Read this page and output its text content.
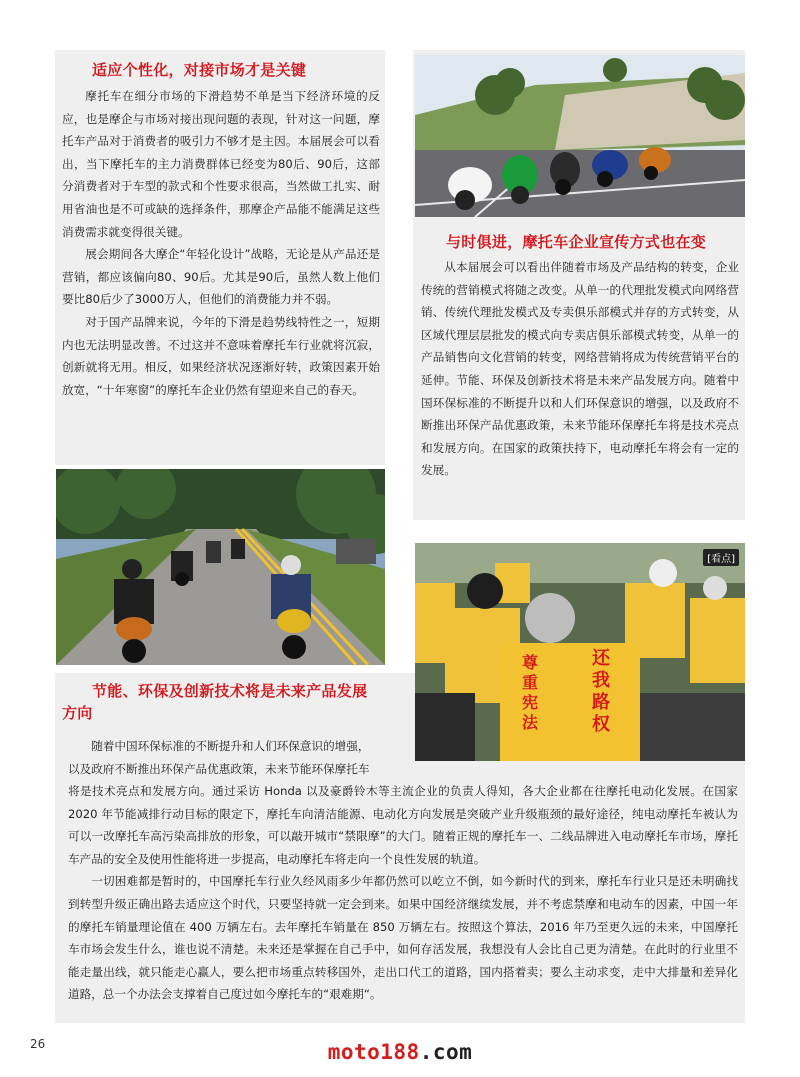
适应个性化，对接市场才是关键

摩托车在细分市场的下滑趋势不单是当下经济环境的反应，也是摩企与市场对接出现问题的表现，针对这一问题，摩托车产品对于消费者的吸引力不够才是主因。本届展会可以看出，当下摩托车的主力消费群体已经变为80后、90后，这部分消费者对于车型的款式和个性要求很高，当然做工扎实、耐用省油也是不可或缺的选择条件，那摩企产品能不能满足这些消费需求就变得很关键。

展会期间各大摩企“年轻化设计”战略，无论是从产品还是营销，都应该偏向80、90后。尤其是90后，虽然人数上他们要比80后少了3000万人，但他们的消费能力并不弱。

对于国产品牌来说，今年的下滑是趋势线特性之一，短期内也无法明显改善。不过这并不意味着摩托车行业就将沉寂，创新就将无用。相反，如果经济状况逐渐好转，政策因素开始放宽，“十年寒窗”的摩托车企业仍然有望迎来自己的春天。

与时俱进，摩托车企业宣传方式也在变

从本届展会可以看出伴随着市场及产品结构的转变，企业传统的营销模式将随之改变。从单一的代理批发模式向网络营销、传统代理批发模式及专卖俱乐部模式并存的方式转变，从区域代理层层批发的模式向专卖店俱乐部模式转变，从单一的产品销售向文化营销的转变，网络营销将成为传统营销平台的延伸。节能、环保及创新技术将是未来产品发展方向。随着中国环保标准的不断提升以和人们环保意识的增强，以及政府不断推出环保产品优惠政策，未来节能环保摩托车将是技术亮点和发展方向。在国家的政策扶持下，电动摩托车将会有一定的发展。

[看点]
尊
重
宪
法
还
我
路
权
节能、环保及创新技术将是未来产品发展
方向
随着中国环保标准的不断提升和人们环保意识的增强，
以及政府不断推出环保产品优惠政策，未来节能环保摩托车

将是技术亮点和发展方向。通过采访 Honda 以及豪爵铃木等主流企业的负责人得知，各大企业都在往摩托电动化发展。在国家 2020 年节能减排行动目标的限定下，摩托车向清洁能源、电动化方向发展是突破产业升级瓶颈的最好途径，纯电动摩托车被认为可以一改摩托车高污染高排放的形象，可以敲开城市“禁限摩”的大门。随着正规的摩托车一、二线品牌进入电动摩托车市场，摩托车产品的安全及使用性能将进一步提高，电动摩托车将走向一个良性发展的轨道。

一切困难都是暂时的，中国摩托车行业久经风雨多少年都仍然可以屹立不倒，如今新时代的到来，摩托车行业只是还未明确找到转型升级正确出路去适应这个时代，只要坚持就一定会到来。如果中国经济继续发展，并不考虑禁摩和电动车的因素，中国一年的摩托车销量理论值在 400 万辆左右。去年摩托车销量在 850 万辆左右。按照这个算法，2016 年乃至更久远的未来，中国摩托车市场会发生什么，谁也说不清楚。未来还是掌握在自己手中，如何存活发展，我想没有人会比自己更为清楚。在此时的行业里不能走量出线，就只能走心赢人，要么把市场重点转移国外，走出口代工的道路，国内搭着卖；要么主动求变，走中大排量和差异化道路，总一个办法会支撑着自己度过如今摩托车的“艰难期“。

26	moto188.com
